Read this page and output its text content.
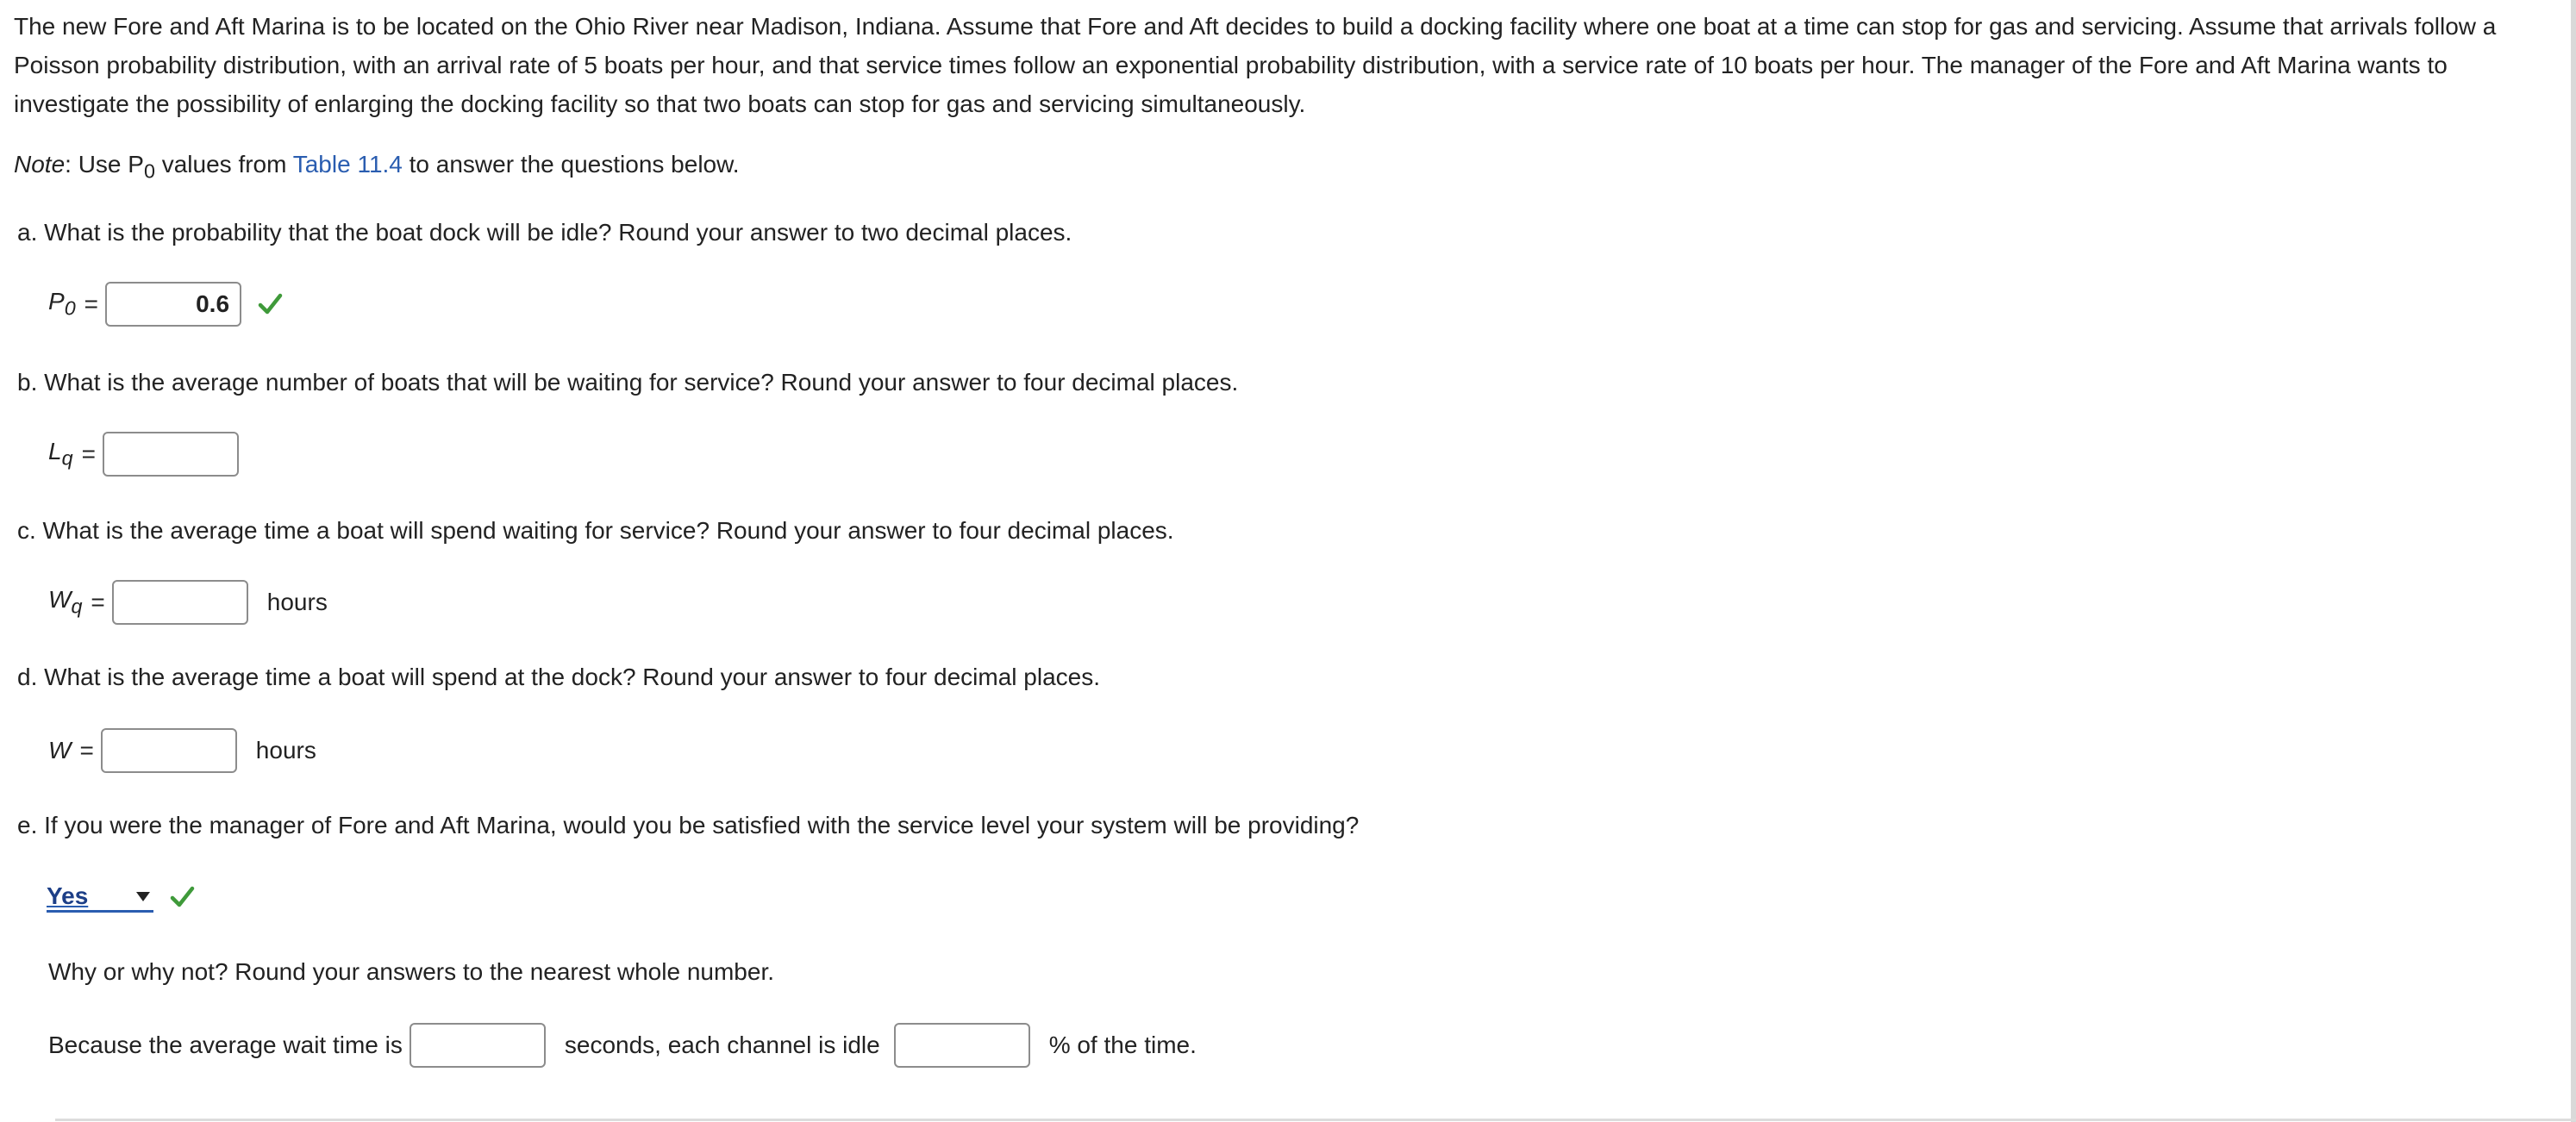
The new Fore and Aft Marina is to be located on the Ohio River near Madison, Indiana. Assume that Fore and Aft decides to build a docking facility where one boat at a time can stop for gas and servicing. Assume that arrivals follow a Poisson probability distribution, with an arrival rate of 5 boats per hour, and that service times follow an exponential probability distribution, with a service rate of 10 boats per hour. The manager of the Fore and Aft Marina wants to investigate the possibility of enlarging the docking facility so that two boats can stop for gas and servicing simultaneously.
Note: Use $P_0$ values from Table 11.4 to answer the questions below.
a. What is the probability that the boat dock will be idle? Round your answer to two decimal places.
$P_0$ =
0.6
b. What is the average number of boats that will be waiting for service? Round your answer to four decimal places.
$L_q$ =
c. What is the average time a boat will spend waiting for service? Round your answer to four decimal places.
$W_q$ =	hours
d. What is the average time a boat will spend at the dock? Round your answer to four decimal places.
W =	hours
e. If you were the manager of Fore and Aft Marina, would you be satisfied with the service level your system will be providing?
Yes
Why or why not? Round your answers to the nearest whole number.
Because the average wait time is	seconds, each channel is idle	% of the time.
